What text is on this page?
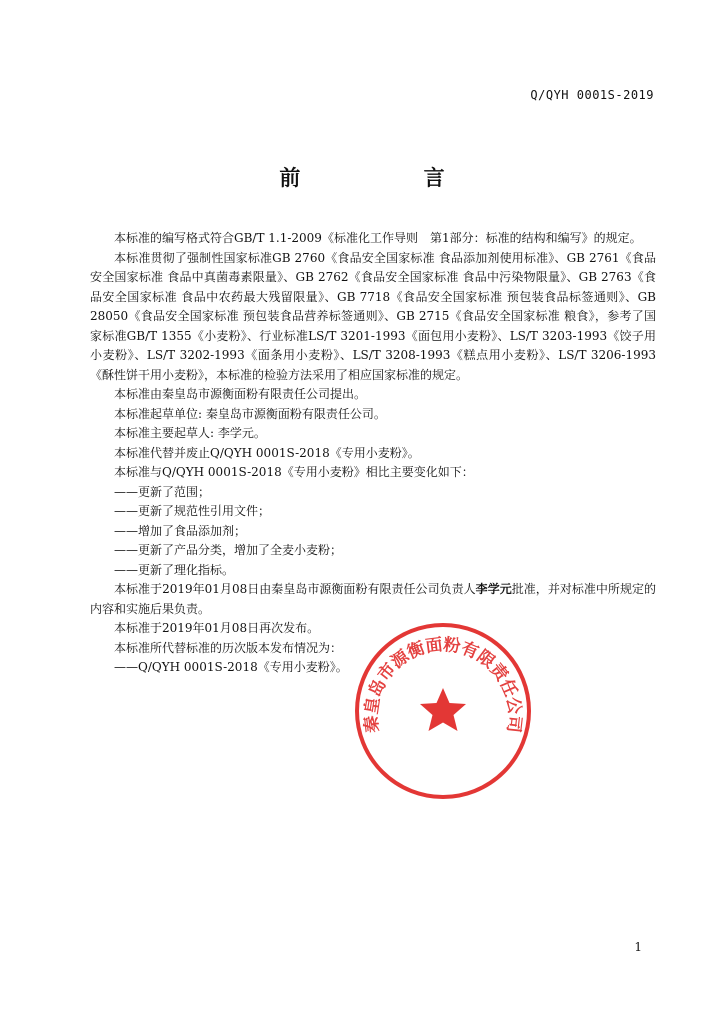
Q/QYH 0001S-2019
前 言

本标准的编写格式符合GB/T 1.1-2009《标准化工作导则　第1部分：标准的结构和编写》的规定。

本标准贯彻了强制性国家标准GB 2760《食品安全国家标准 食品添加剂使用标准》、GB 2761《食品安全国家标准 食品中真菌毒素限量》、GB 2762《食品安全国家标准 食品中污染物限量》、GB 2763《食品安全国家标准 食品中农药最大残留限量》、GB 7718《食品安全国家标准 预包装食品标签通则》、GB 28050《食品安全国家标准 预包装食品营养标签通则》、GB 2715《食品安全国家标准 粮食》，参考了国家标准GB/T 1355《小麦粉》、行业标准LS/T 3201-1993《面包用小麦粉》、LS/T 3203-1993《饺子用小麦粉》、LS/T 3202-1993《面条用小麦粉》、LS/T 3208-1993《糕点用小麦粉》、LS/T 3206-1993《酥性饼干用小麦粉》，本标准的检验方法采用了相应国家标准的规定。

本标准由秦皇岛市源衡面粉有限责任公司提出。

本标准起草单位: 秦皇岛市源衡面粉有限责任公司。

本标准主要起草人: 李学元。

本标准代替并废止Q/QYH 0001S-2018《专用小麦粉》。

本标准与Q/QYH 0001S-2018《专用小麦粉》相比主要变化如下：

——更新了范围；

——更新了规范性引用文件；

——增加了食品添加剂；

——更新了产品分类，增加了全麦小麦粉；

——更新了理化指标。

本标准于2019年01月08日由秦皇岛市源衡面粉有限责任公司负责人李学元批准，并对标准中所规定的内容和实施后果负责。

本标准于2019年01月08日再次发布。

本标准所代替标准的历次版本发布情况为：

——Q/QYH 0001S-2018《专用小麦粉》。

秦皇岛市源衡面粉有限责任公司
1
